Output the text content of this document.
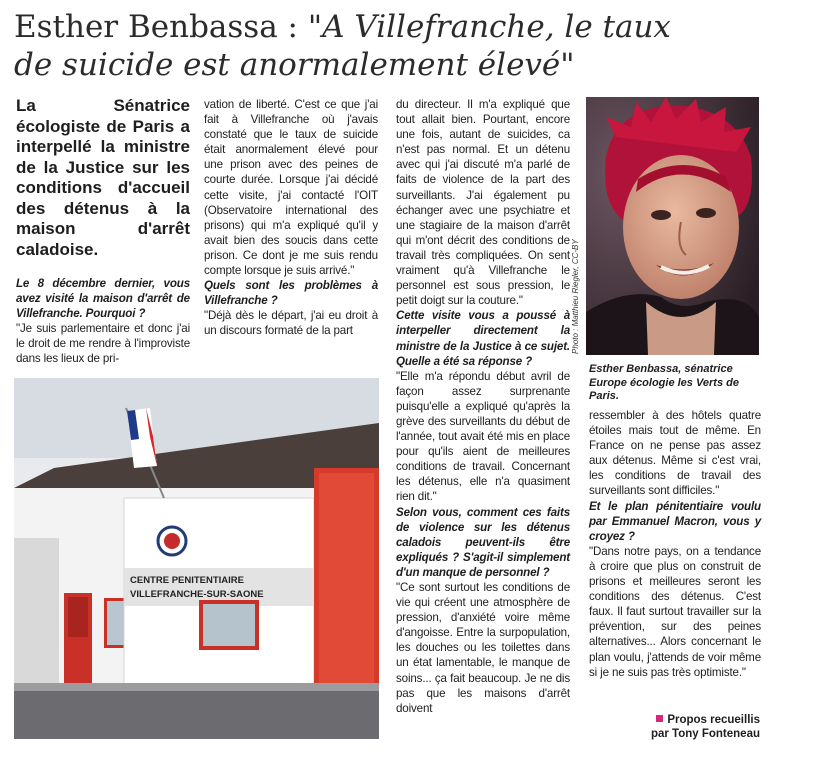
Esther Benbassa : "A Villefranche, le taux
de suicide est anormalement élevé"
La Sénatrice écologiste de Paris a interpellé la ministre de la Justice sur les conditions d'accueil des détenus à la maison d'arrêt caladoise.

Le 8 décembre dernier, vous avez visité la maison d'arrêt de Villefranche. Pourquoi ?

"Je suis parlementaire et donc j'ai le droit de me rendre à l'improviste dans les lieux de pri-

vation de liberté. C'est ce que j'ai fait à Villefranche où j'avais constaté que le taux de suicide était anormalement élevé pour une prison avec des peines de courte durée. Lorsque j'ai décidé cette visite, j'ai contacté l'OIT (Observatoire international des prisons) qui m'a expliqué qu'il y avait bien des soucis dans cette prison. Ce dont je me suis rendu compte lorsque je suis arrivé."

Quels sont les problèmes à Villefranche ?

"Déjà dès le départ, j'ai eu droit à un discours formaté de la part

du directeur. Il m'a expliqué que tout allait bien. Pourtant, encore une fois, autant de suicides, ca n'est pas normal. Et un détenu avec qui j'ai discuté m'a parlé de faits de violence de la part des surveillants. J'ai également pu échanger avec une psychiatre et une stagiaire de la maison d'arrêt qui m'ont décrit des conditions de travail très compliquées. On sent vraiment qu'à Villefranche le personnel est sous pression, le petit doigt sur la couture."

Cette visite vous a poussé à interpeller directement la ministre de la Justice à ce sujet. Quelle a été sa réponse ?

"Elle m'a répondu début avril de façon assez surprenante puisqu'elle a expliqué qu'après la grève des surveillants du début de l'année, tout avait été mis en place pour qu'ils aient de meilleures conditions de travail. Concernant les détenus, elle n'a quasiment rien dit."

Selon vous, comment ces faits de violence sur les détenus caladois peuvent-ils être expliqués ? S'agit-il simplement d'un manque de personnel ?

"Ce sont surtout les conditions de vie qui créent une atmosphère de pression, d'anxiété voire même d'angoisse. Entre la surpopulation, les douches ou les toilettes dans un état lamentable, le manque de soins... ça fait beaucoup. Je ne dis pas que les maisons d'arrêt doivent

ressembler à des hôtels quatre étoiles mais tout de même. En France on ne pense pas assez aux détenus. Même si c'est vrai, les conditions de travail des surveillants sont difficiles."

Et le plan pénitentiaire voulu par Emmanuel Macron, vous y croyez ?

"Dans notre pays, on a tendance à croire que plus on construit de prisons et meilleures seront les conditions des détenus. C'est faux. Il faut surtout travailler sur la prévention, sur des peines alternatives... Alors concernant le plan voulu, j'attends de voir même si je ne suis pas très optimiste."

Photo : Matthieu Riegler, CC-BY
Esther Benbassa, sénatrice Europe écologie les Verts de Paris.
CENTRE PENITENTIAIRE
VILLEFRANCHE-SUR-SAONE
Propos recueillis
par Tony Fonteneau
